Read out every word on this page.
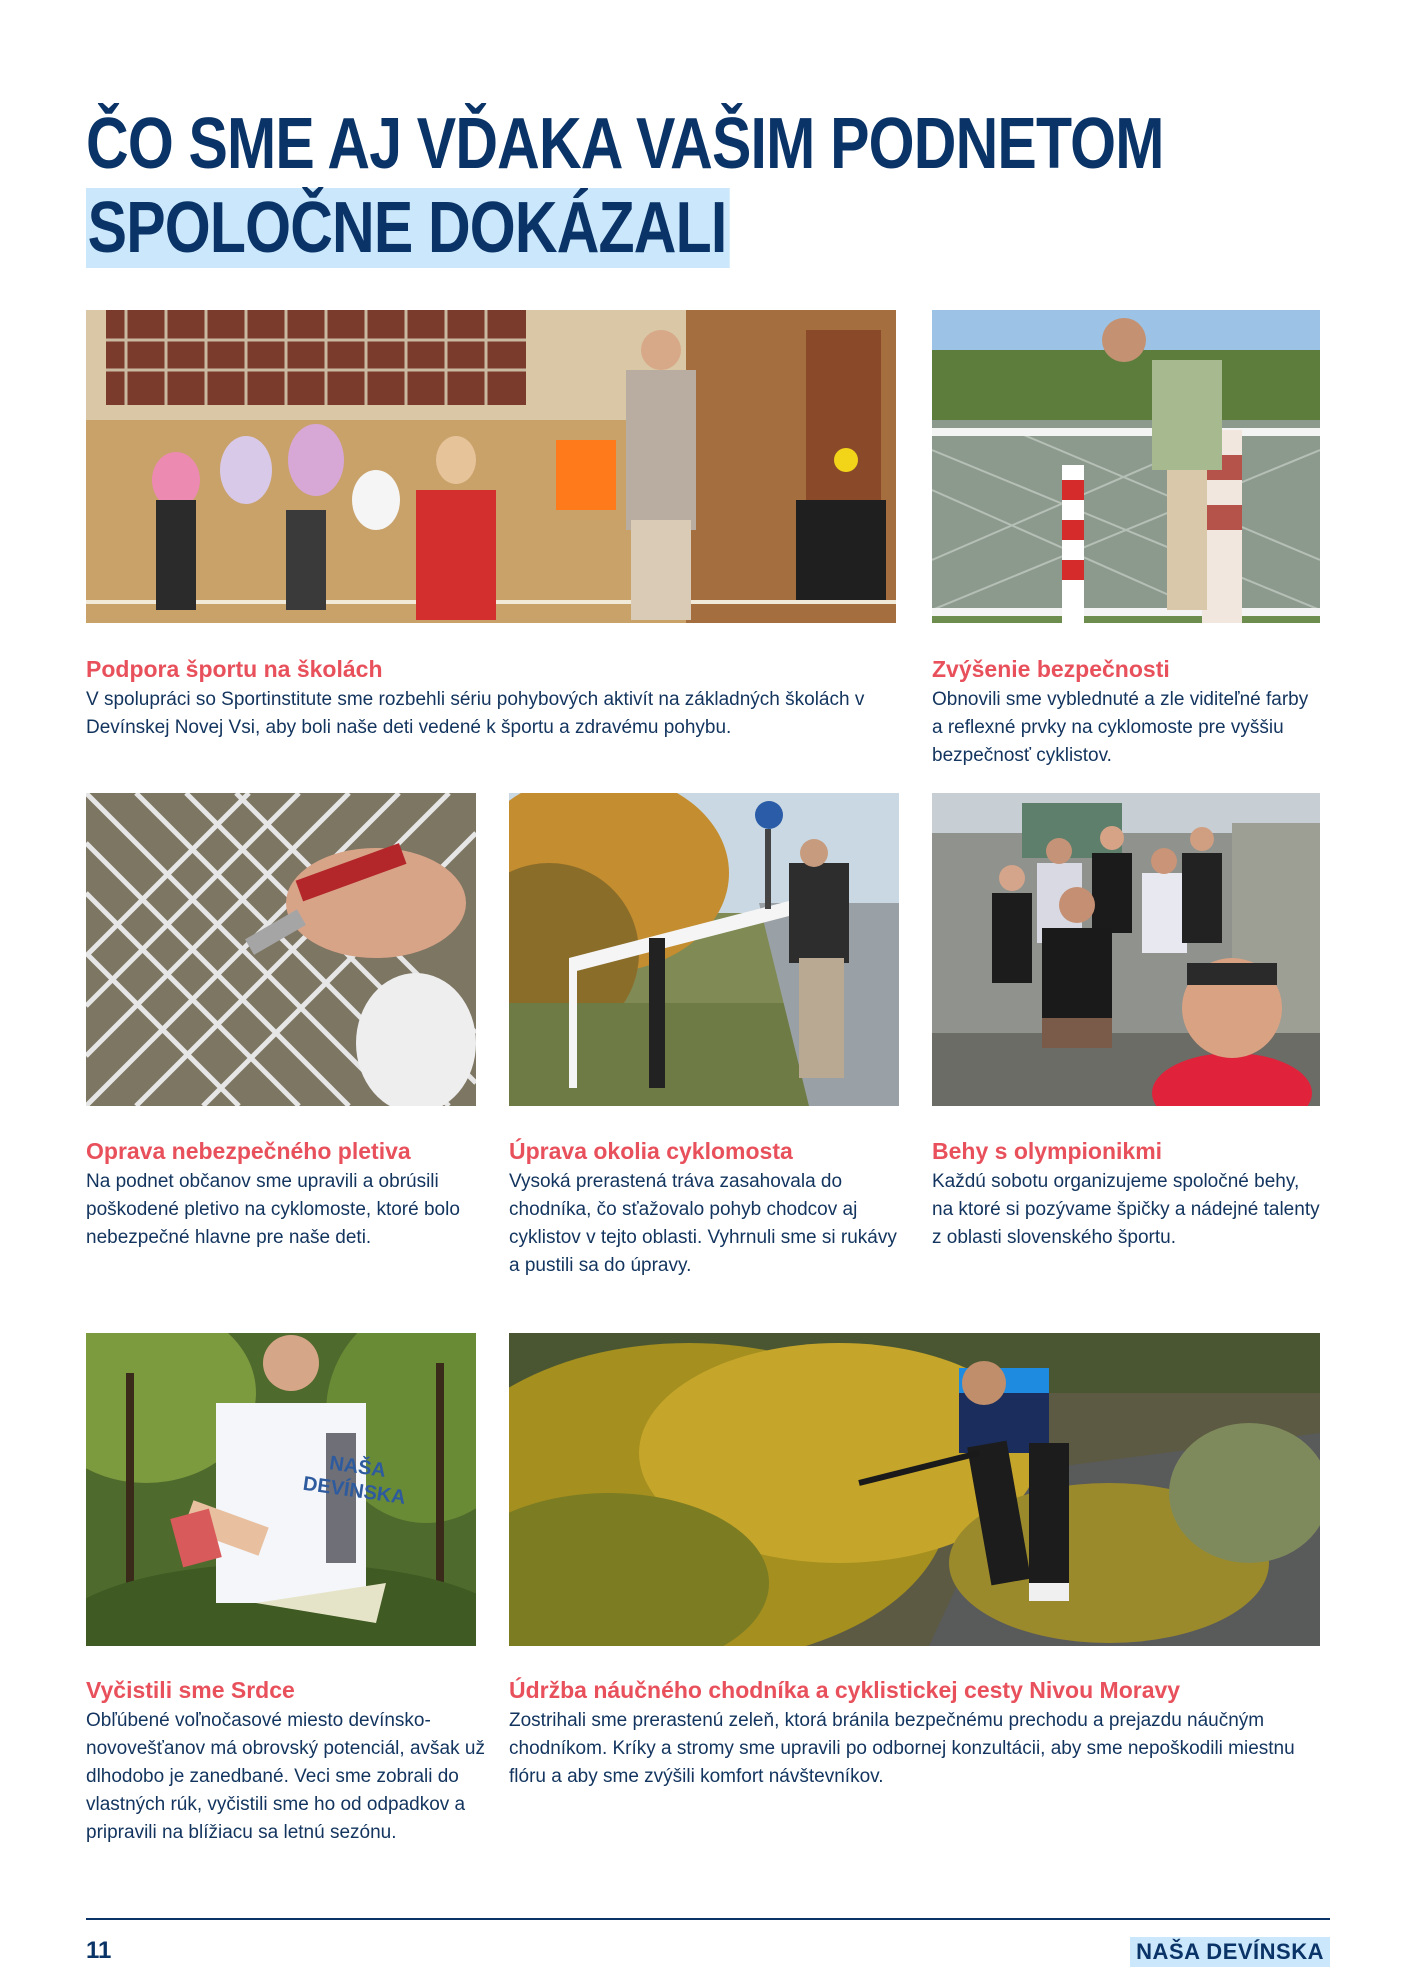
ČO SME AJ VĎAKA VAŠIM PODNETOM
SPOLOČNE DOKÁZALI
Podpora športu na školách

V spolupráci so Sportinstitute sme rozbehli sériu pohybových aktivít na základných školách v Devínskej Novej Vsi, aby boli naše deti vedené k športu a zdravému pohybu.

Zvýšenie bezpečnosti

Obnovili sme vyblednuté a zle viditeľné farby a reflexné prvky na cyklomoste pre vyššiu bezpečnosť cyklistov.

Oprava nebezpečného pletiva

Na podnet občanov sme upravili a obrúsili poškodené pletivo na cyklomoste, ktoré bolo nebezpečné hlavne pre naše deti.

Úprava okolia cyklomosta

Vysoká prerastená tráva zasahovala do chodníka, čo sťažovalo pohyb chodcov aj cyklistov v tejto oblasti. Vyhrnuli sme si rukávy a pustili sa do úpravy.

Behy s olympionikmi

Každú sobotu organizujeme spoločné behy, na ktoré si pozývame špičky a nádejné talenty z oblasti slovenského športu.

NAŠA DEVÍNSKA
Vyčistili sme Srdce

Obľúbené voľnočasové miesto devínskonovovešťanov má obrovský potenciál, avšak už dlhodobo je zanedbané. Veci sme zobrali do vlastných rúk, vyčistili sme ho od odpadkov a pripravili na blížiacu sa letnú sezónu.

Údržba náučného chodníka a cyklistickej cesty Nivou Moravy

Zostrihali sme prerastenú zeleň, ktorá bránila bezpečnému prechodu a prejazdu náučným chodníkom. Kríky a stromy sme upravili po odbornej konzultácii, aby sme nepoškodili miestnu flóru a aby sme zvýšili komfort návštevníkov.

11	NAŠA DEVÍNSKA
